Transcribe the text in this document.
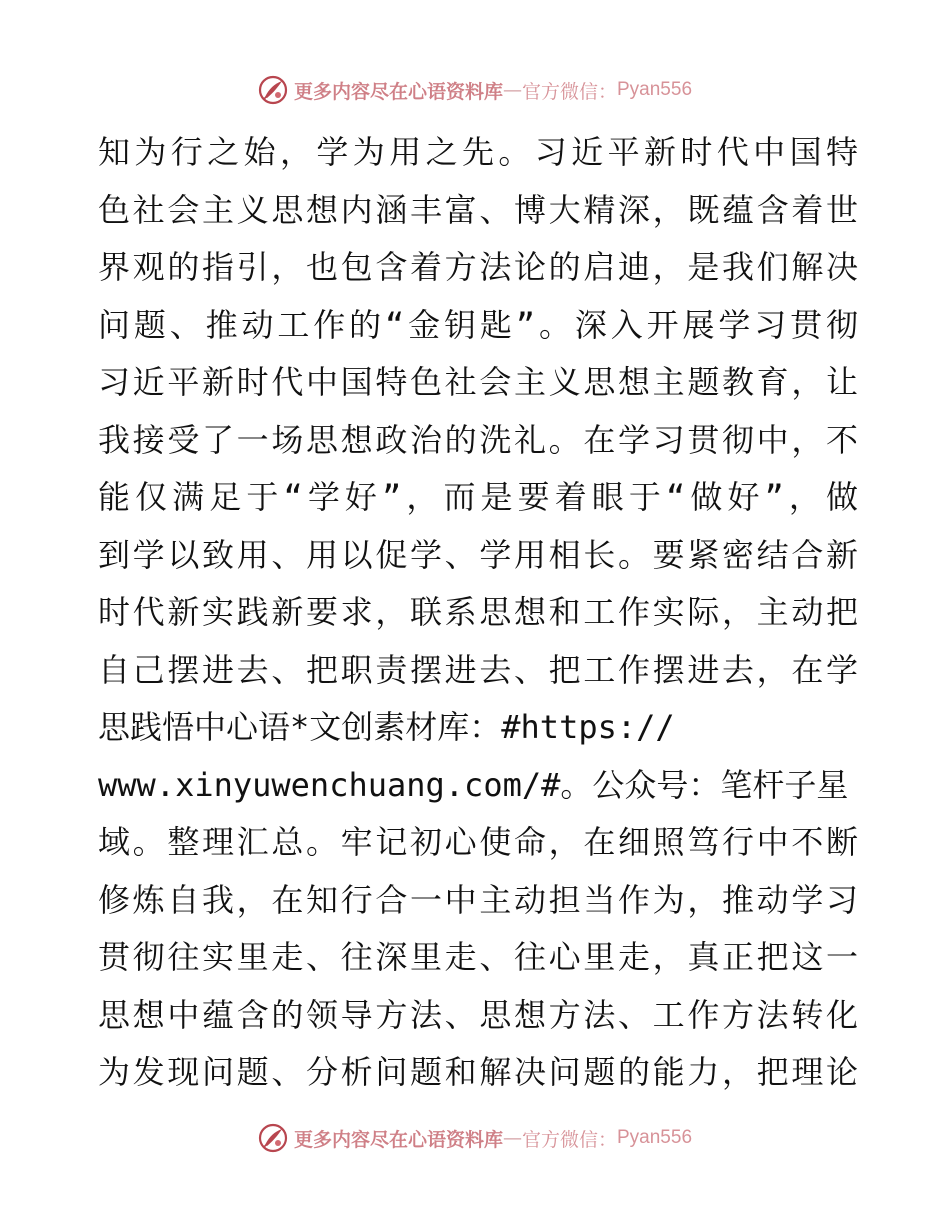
更多内容尽在心语资料库 — 官方微信： Pyan556
知为行之始，学为用之先。习近平新时代中国特
色社会主义思想内涵丰富、博大精深，既蕴含着世
界观的指引，也包含着方法论的启迪，是我们解决
问题、推动工作的“金钥匙”。深入开展学习贯彻
习近平新时代中国特色社会主义思想主题教育，让
我接受了一场思想政治的洗礼。在学习贯彻中，不
能仅满足于“学好”，而是要着眼于“做好”，做
到学以致用、用以促学、学用相长。要紧密结合新
时代新实践新要求，联系思想和工作实际，主动把
自己摆进去、把职责摆进去、把工作摆进去，在学
思践悟中心语*文创素材库：#https://
www.xinyuwenchuang.com/#。公众号：笔杆子星
域。整理汇总。牢记初心使命，在细照笃行中不断
修炼自我，在知行合一中主动担当作为，推动学习
贯彻往实里走、往深里走、往心里走，真正把这一
思想中蕴含的领导方法、思想方法、工作方法转化
为发现问题、分析问题和解决问题的能力，把理论
更多内容尽在心语资料库 — 官方微信： Pyan556
